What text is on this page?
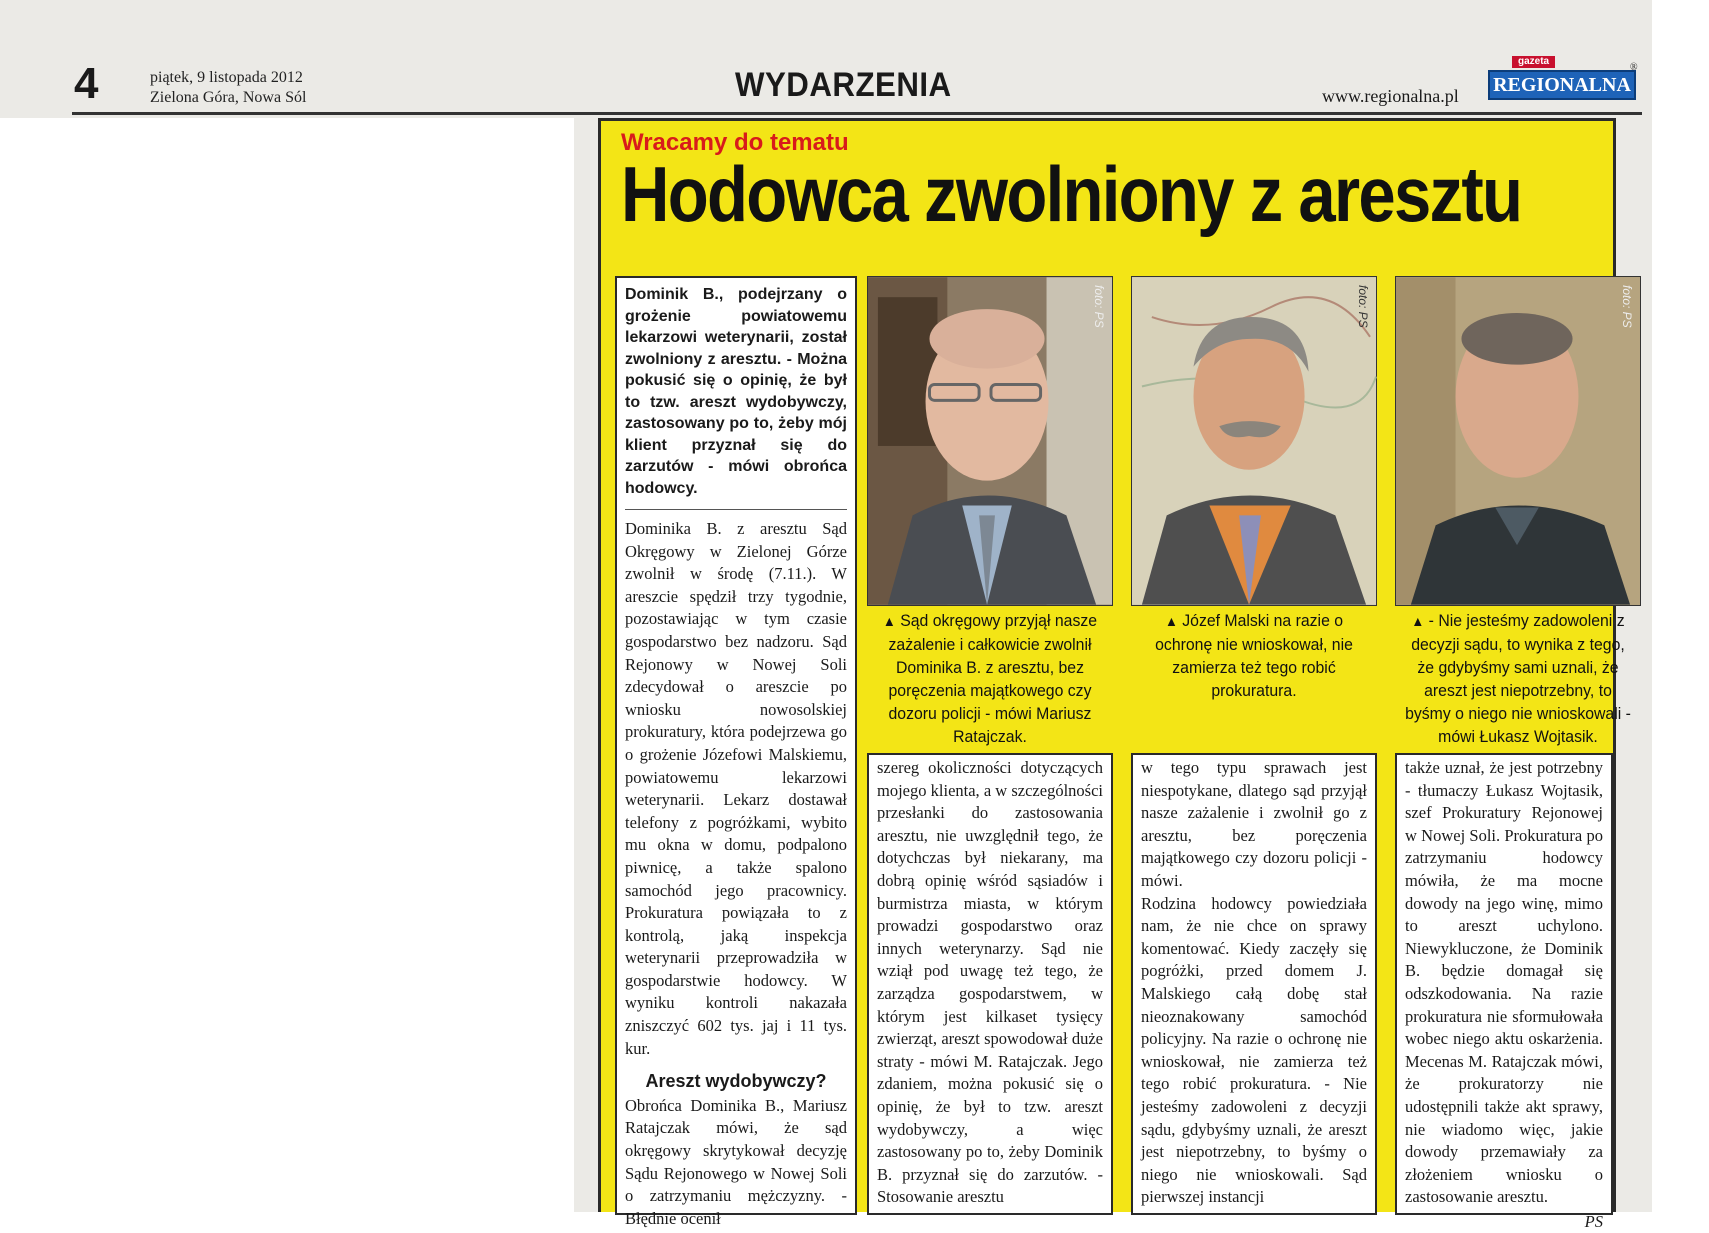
4	piątek, 9 listopada 2012
Zielona Góra, Nowa Sól	WYDARZENIA	www.regionalna.pl
gazeta
REGIONALNA
®
Wracamy do tematu
Hodowca zwolniony z aresztu
Dominik B., podejrzany o grożenie powiatowemu lekarzowi weterynarii, został zwolniony z aresztu. - Można pokusić się o opinię, że był to tzw. areszt wydobywczy, zastosowany po to, żeby mój klient przyznał się do zarzutów - mówi obrońca hodowcy.

Dominika B. z aresztu Sąd Okręgowy w Zielonej Górze zwolnił w środę (7.11.). W areszcie spędził trzy tygodnie, pozostawiając w tym czasie gospodarstwo bez nadzoru. Sąd Rejonowy w Nowej Soli zdecydował o areszcie po wniosku nowosolskiej prokuratury, która podejrzewa go o grożenie Józefowi Malskiemu, powiatowemu lekarzowi weterynarii. Lekarz dostawał telefony z pogróżkami, wybito mu okna w domu, podpalono piwnicę, a także spalono samochód jego pracownicy. Prokuratura powiązała to z kontrolą, jaką inspekcja weterynarii przeprowadziła w gospodarstwie hodowcy. W wyniku kontroli nakazała zniszczyć 602 tys. jaj i 11 tys. kur.

Areszt wydobywczy?

Obrońca Dominika B., Mariusz Ratajczak mówi, że sąd okręgowy skrytykował decyzję Sądu Rejonowego w Nowej Soli o zatrzymaniu mężczyzny. - Błędnie ocenił

foto: PS	foto: PS	foto: PS
▲ Sąd okręgowy przyjął nasze zażalenie i całkowicie zwolnił Dominika B. z aresztu, bez poręczenia majątkowego czy dozoru policji - mówi Mariusz Ratajczak.
▲ Józef Malski na razie o ochronę nie wnioskował, nie zamierza też tego robić prokuratura.
▲ - Nie jesteśmy zadowoleni z decyzji sądu, to wynika z tego, że gdybyśmy sami uznali, że areszt jest niepotrzebny, to byśmy o niego nie wnioskowali - mówi Łukasz Wojtasik.

szereg okoliczności dotyczących mojego klienta, a w szczególności przesłanki do zastosowania aresztu, nie uwzględnił tego, że dotychczas był niekarany, ma dobrą opinię wśród sąsiadów i burmistrza miasta, w którym prowadzi gospodarstwo oraz innych weterynarzy. Sąd nie wziął pod uwagę też tego, że zarządza gospodarstwem, w którym jest kilkaset tysięcy zwierząt, areszt spowodował duże straty - mówi M. Ratajczak. Jego zdaniem, można pokusić się o opinię, że był to tzw. areszt wydobywczy, a więc zastosowany po to, żeby Dominik B. przyznał się do zarzutów. - Stosowanie aresztu

w tego typu sprawach jest niespotykane, dlatego sąd przyjął nasze zażalenie i zwolnił go z aresztu, bez poręczenia majątkowego czy dozoru policji - mówi.

Rodzina hodowcy powiedziała nam, że nie chce on sprawy komentować. Kiedy zaczęły się pogróżki, przed domem J. Malskiego całą dobę stał nieoznakowany samochód policyjny. Na razie o ochronę nie wnioskował, nie zamierza też tego robić prokuratura. - Nie jesteśmy zadowoleni z decyzji sądu, gdybyśmy uznali, że areszt jest niepotrzebny, to byśmy o niego nie wnioskowali. Sąd pierwszej instancji

także uznał, że jest potrzebny - tłumaczy Łukasz Wojtasik, szef Prokuratury Rejonowej w Nowej Soli. Prokuratura po zatrzymaniu hodowcy mówiła, że ma mocne dowody na jego winę, mimo to areszt uchylono. Niewykluczone, że Dominik B. będzie domagał się odszkodowania. Na razie prokuratura nie sformułowała wobec niego aktu oskarżenia. Mecenas M. Ratajczak mówi, że prokuratorzy nie udostępnili także akt sprawy, nie wiadomo więc, jakie dowody przemawiały za złożeniem wniosku o zastosowanie aresztu.

PS
